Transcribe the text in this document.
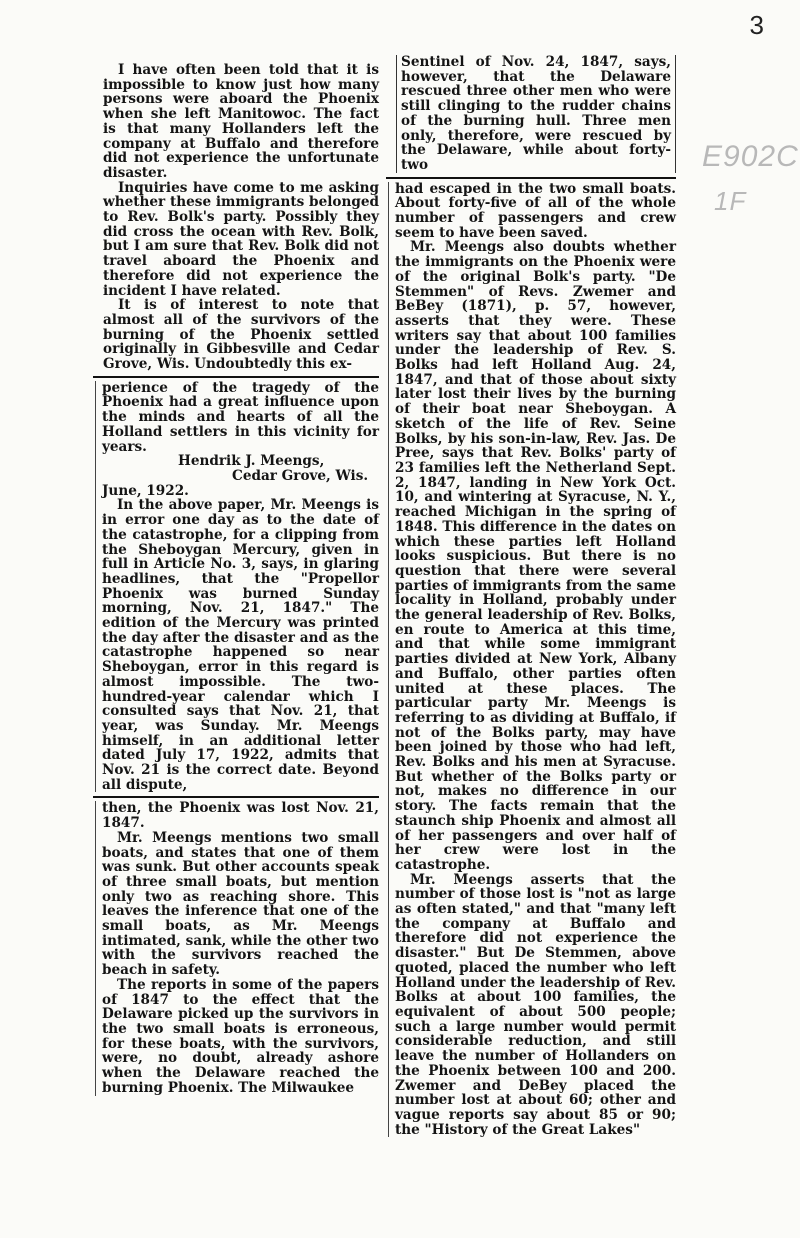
3
E902C
1F

I have often been told that it is impossible to know just how many persons were aboard the Phoenix when she left Manitowoc. The fact is that many Hollanders left the company at Buffalo and therefore did not experience the unfortunate disaster.

Inquiries have come to me asking whether these immigrants belonged to Rev. Bolk's party. Possibly they did cross the ocean with Rev. Bolk, but I am sure that Rev. Bolk did not travel aboard the Phoenix and therefore did not experience the incident I have related.

It is of interest to note that almost all of the survivors of the burning of the Phoenix settled originally in Gibbesville and Cedar Grove, Wis. Undoubtedly this ex-

perience of the tragedy of the Phoenix had a great influence upon the minds and hearts of all the Holland settlers in this vicinity for years.

Hendrik J. Meengs,

Cedar Grove, Wis.

June, 1922.

In the above paper, Mr. Meengs is in error one day as to the date of the catastrophe, for a clipping from the Sheboygan Mercury, given in full in Article No. 3, says, in glaring headlines, that the "Propellor Phoenix was burned Sunday morning, Nov. 21, 1847." The edition of the Mercury was printed the day after the disaster and as the catastrophe happened so near Sheboygan, error in this regard is almost impossible. The two-hundred-year calendar which I consulted says that Nov. 21, that year, was Sunday. Mr. Meengs himself, in an additional letter dated July 17, 1922, admits that Nov. 21 is the correct date. Beyond all dispute,

then, the Phoenix was lost Nov. 21, 1847.

Mr. Meengs mentions two small boats, and states that one of them was sunk. But other accounts speak of three small boats, but mention only two as reaching shore. This leaves the inference that one of the small boats, as Mr. Meengs intimated, sank, while the other two with the survivors reached the beach in safety.

The reports in some of the papers of 1847 to the effect that the Delaware picked up the survivors in the two small boats is erroneous, for these boats, with the survivors, were, no doubt, already ashore when the Delaware reached the burning Phoenix. The Milwaukee

Sentinel of Nov. 24, 1847, says, however, that the Delaware rescued three other men who were still clinging to the rudder chains of the burning hull. Three men only, therefore, were rescued by the Delaware, while about forty-two

had escaped in the two small boats. About forty-five of all of the whole number of passengers and crew seem to have been saved.

Mr. Meengs also doubts whether the immigrants on the Phoenix were of the original Bolk's party. "De Stemmen" of Revs. Zwemer and BeBey (1871), p. 57, however, asserts that they were. These writers say that about 100 families under the leadership of Rev. S. Bolks had left Holland Aug. 24, 1847, and that of those about sixty later lost their lives by the burning of their boat near Sheboygan. A sketch of the life of Rev. Seine Bolks, by his son-in-law, Rev. Jas. De Pree, says that Rev. Bolks' party of 23 families left the Netherland Sept. 2, 1847, landing in New York Oct. 10, and wintering at Syracuse, N. Y., reached Michigan in the spring of 1848. This difference in the dates on which these parties left Holland looks suspicious. But there is no question that there were several parties of immigrants from the same locality in Holland, probably under the general leadership of Rev. Bolks, en route to America at this time, and that while some immigrant parties divided at New York, Albany and Buffalo, other parties often united at these places. The particular party Mr. Meengs is referring to as dividing at Buffalo, if not of the Bolks party, may have been joined by those who had left, Rev. Bolks and his men at Syracuse. But whether of the Bolks party or not, makes no difference in our story. The facts remain that the staunch ship Phoenix and almost all of her passengers and over half of her crew were lost in the catastrophe.

Mr. Meengs asserts that the number of those lost is "not as large as often stated," and that "many left the company at Buffalo and therefore did not experience the disaster." But De Stemmen, above quoted, placed the number who left Holland under the leadership of Rev. Bolks at about 100 families, the equivalent of about 500 people; such a large number would permit considerable reduction, and still leave the number of Hollanders on the Phoenix between 100 and 200. Zwemer and DeBey placed the number lost at about 60; other and vague reports say about 85 or 90; the "History of the Great Lakes"
